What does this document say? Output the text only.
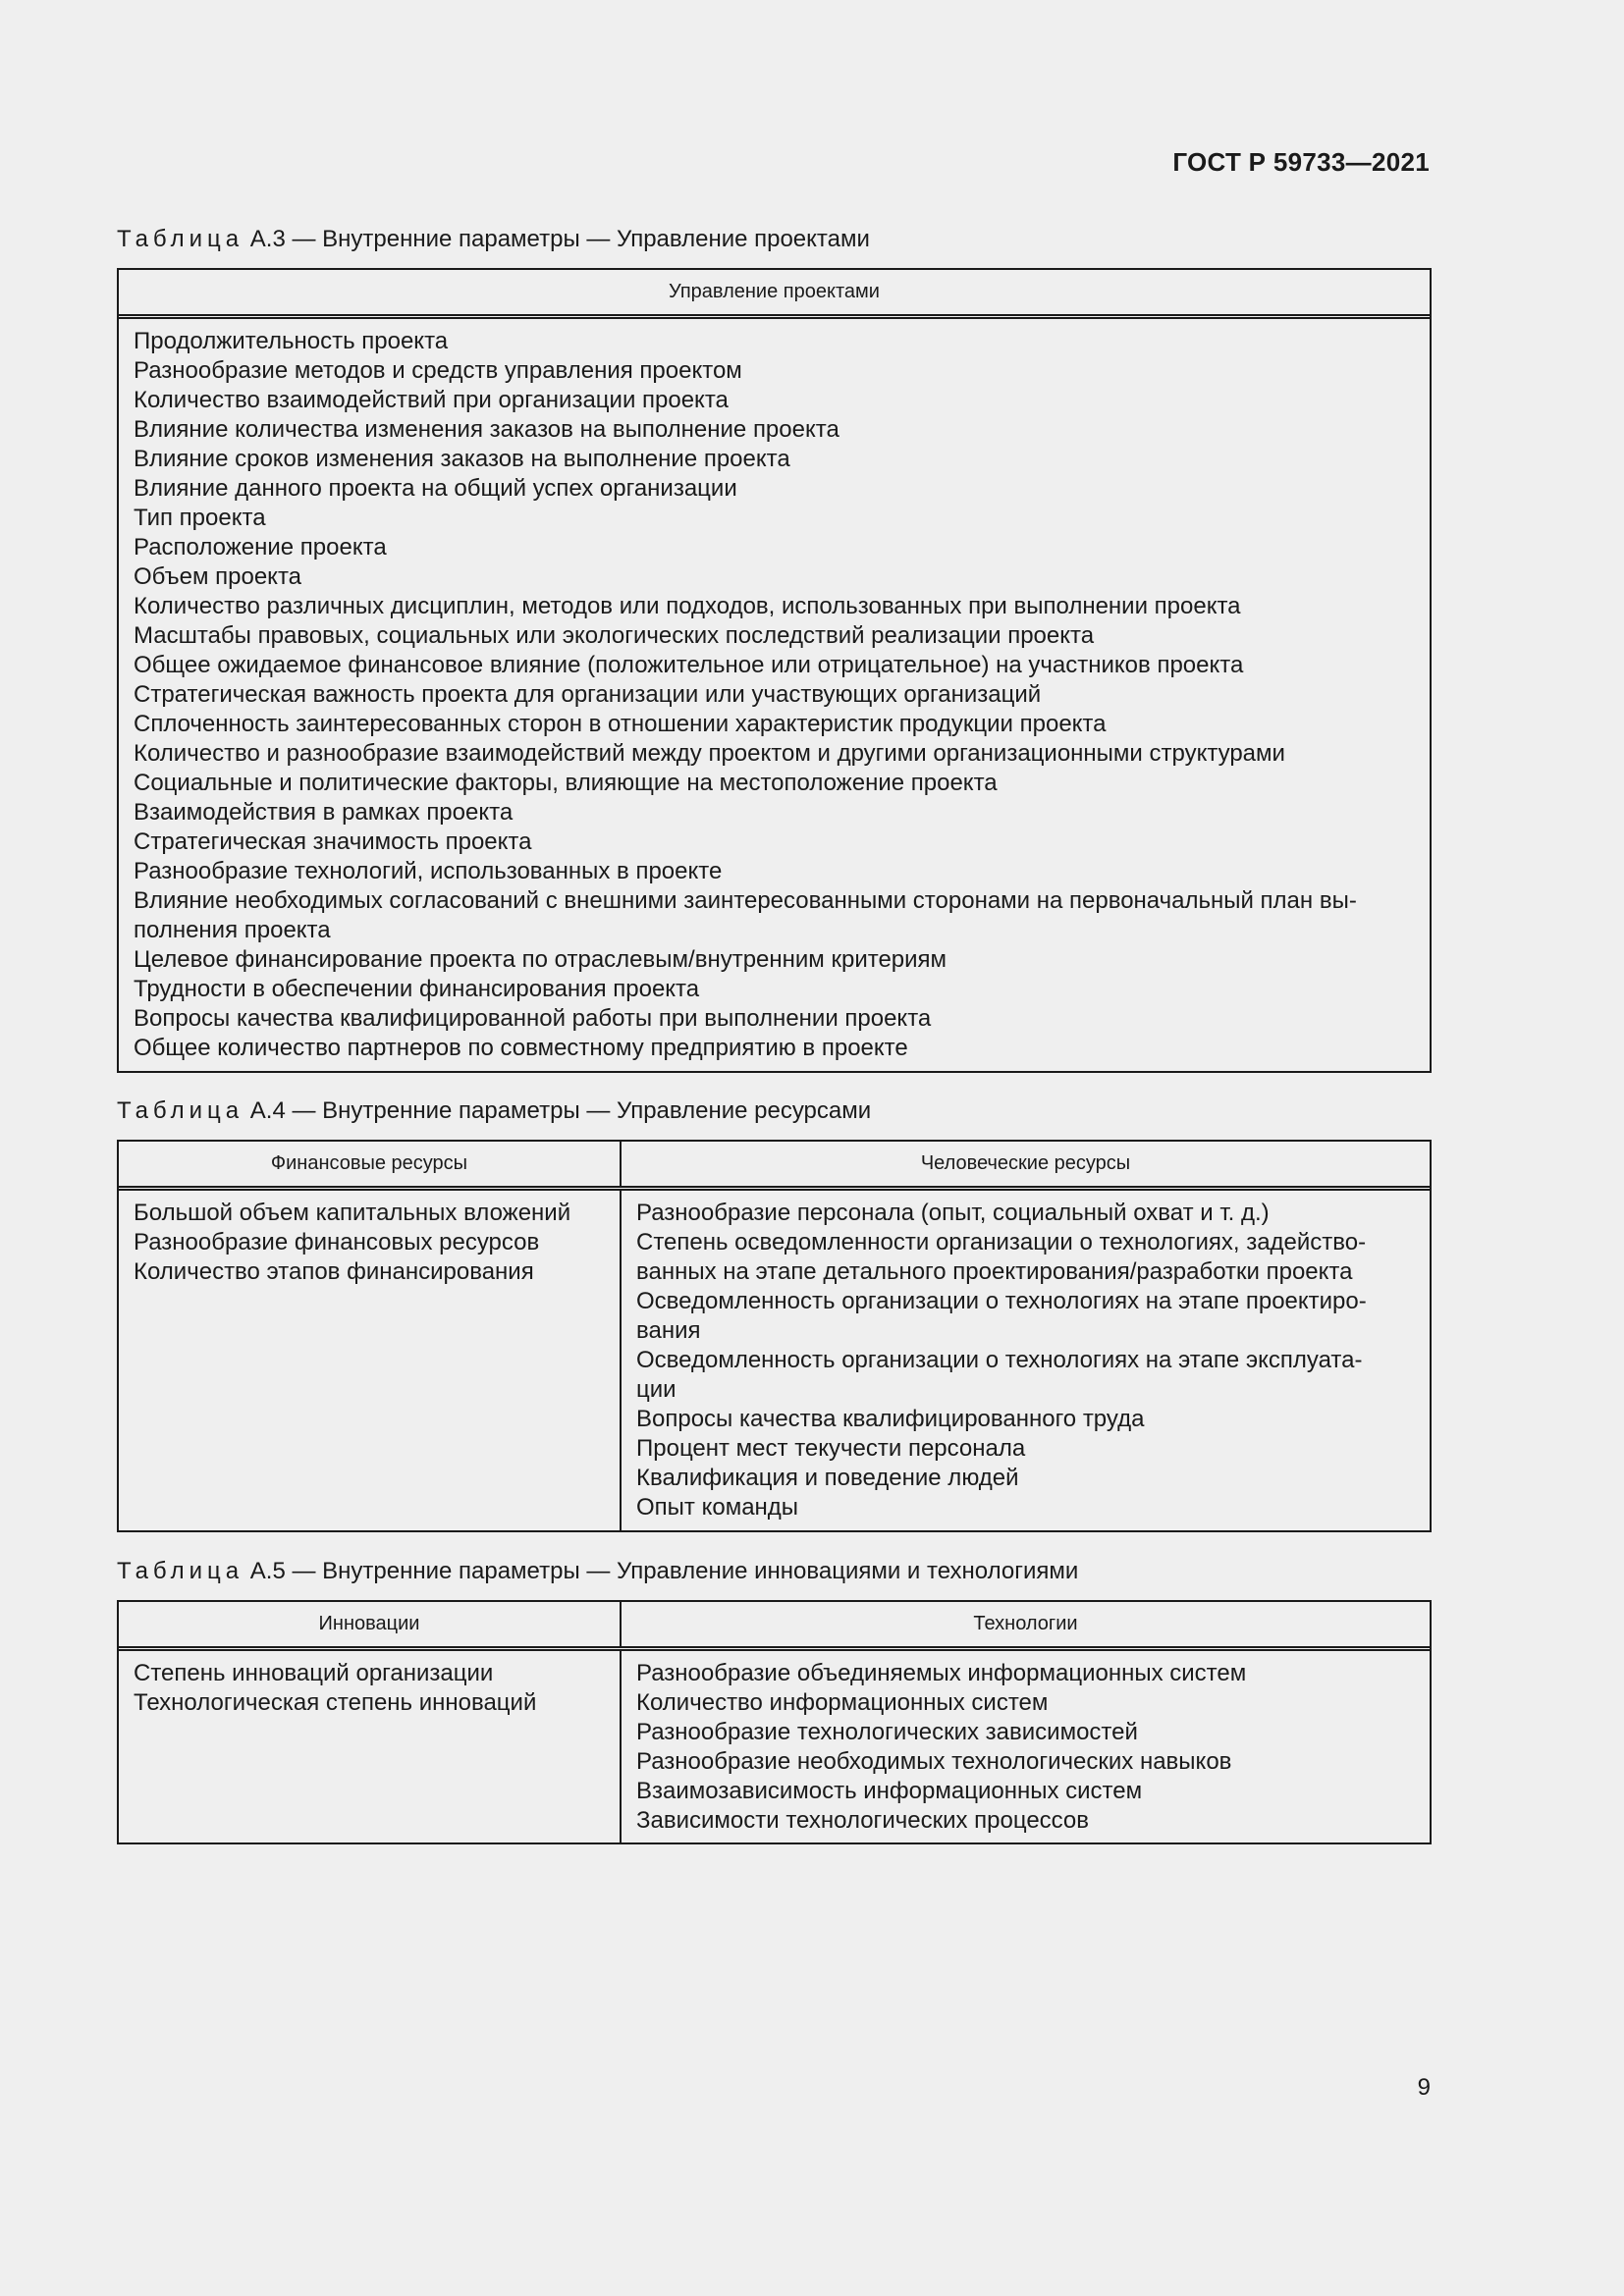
ГОСТ Р 59733—2021
Таблица А.3 — Внутренние параметры — Управление проектами
Управление проектами
Продолжительность проекта
Разнообразие методов и средств управления проектом
Количество взаимодействий при организации проекта
Влияние количества изменения заказов на выполнение проекта
Влияние сроков изменения заказов на выполнение проекта
Влияние данного проекта на общий успех организации
Тип проекта
Расположение проекта
Объем проекта
Количество различных дисциплин, методов или подходов, использованных при выполнении проекта
Масштабы правовых, социальных или экологических последствий реализации проекта
Общее ожидаемое финансовое влияние (положительное или отрицательное) на участников проекта
Стратегическая важность проекта для организации или участвующих организаций
Сплоченность заинтересованных сторон в отношении характеристик продукции проекта
Количество и разнообразие взаимодействий между проектом и другими организационными структурами
Социальные и политические факторы, влияющие на местоположение проекта
Взаимодействия в рамках проекта
Стратегическая значимость проекта
Разнообразие технологий, использованных в проекте
Влияние необходимых согласований с внешними заинтересованными сторонами на первоначальный план вы-
полнения проекта
Целевое финансирование проекта по отраслевым/внутренним критериям
Трудности в обеспечении финансирования проекта
Вопросы качества квалифицированной работы при выполнении проекта
Общее количество партнеров по совместному предприятию в проекте
Таблица А.4 — Внутренние параметры — Управление ресурсами
Финансовые ресурсы	Человеческие ресурсы
Большой объем капитальных вложений
Разнообразие финансовых ресурсов
Количество этапов финансирования
Разнообразие персонала (опыт, социальный охват и т. д.)
Степень осведомленности организации о технологиях, задейство-
ванных на этапе детального проектирования/разработки проекта
Осведомленность организации о технологиях на этапе проектиро-
вания
Осведомленность организации о технологиях на этапе эксплуата-
ции
Вопросы качества квалифицированного труда
Процент мест текучести персонала
Квалификация и поведение людей
Опыт команды
Таблица А.5 — Внутренние параметры — Управление инновациями и технологиями
Инновации	Технологии
Степень инноваций организации
Технологическая степень инноваций
Разнообразие объединяемых информационных систем
Количество информационных систем
Разнообразие технологических зависимостей
Разнообразие необходимых технологических навыков
Взаимозависимость информационных систем
Зависимости технологических процессов
9
